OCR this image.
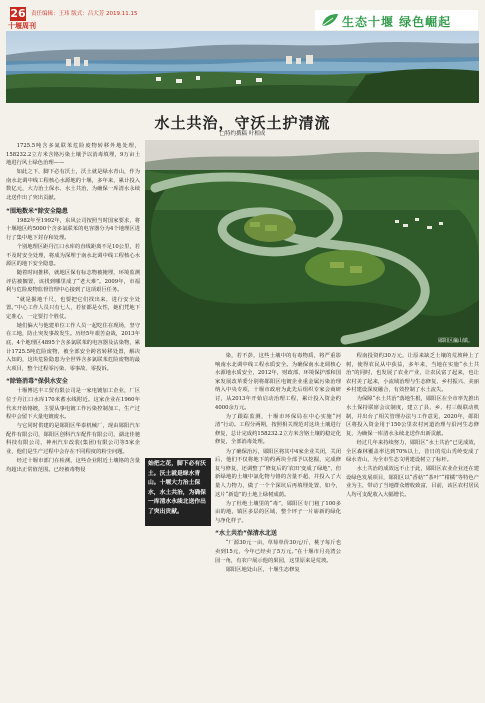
26
十堰周刊
责任编辑：王玮 版式：吕大芳 2019.11.15
生态十堰 绿色崛起
水土共治，守沃土护清流
□特约撰稿 叶相成

1725.5吨含多氮联苯危险废物转移外地处理，158232.2立方米含铬污染土壤予以消毒填埋，9万亩土地进行风土绿色治理——

如此之下，脚下必有沃土，沃土就是绿水青山，作为南水北调中线工程核心水源地的十堰，多年来，累计投入数亿元，大力治土保水、水土共治，为确保一库清水永续北送作出了突出贡献。

“围地数米”除安全隐患

1982年至1992年，东风公司按照当时国家要求，将十堰地区约5000个含多氯联苯的电容器分为4个地理区进行了集中地下封存和处理。

个别地理区距丹江口水库的直线距离不足10公里，若不及时安全处理，将成为深埋于南水北调中线工程核心水源区的地下安全隐患。

随着时间推移，就地区保有标志物被掩埋，环境监测评估被搁置，该找到哪里成了“老大难”。2009年，市福利与危险废物监督管理中心接到了这项艰巨任务。

“就是掘地千尺，也要把它们找出来，进行安全处置。”中心工作人员只有七人，若征都是女性，她们凭地下定准心，一定要打个胜仗。

她们偏大与他建单位工作人员一起吃住在现场，坚守在工地，防止突发事故发生。历经5年艰苦奋战，2013年底，4个地理区4895个含多氯联苯的电容器及沾染物，累计1725.5吨危险废物，被全部安全跨省转移处置，解决入知的，这块危险隐患为全世界含多氯联苯危险废物的最大项目，整个过程零污染、零事故、零投诉。

“除铬消毒”保供水安全

十堰博达丰工贸有限公司是一家电镀加工企业，厂区位于丹江口水库170米蓄水线附近。这家企业在1960年代末开始铬镀，主要从事电镀工作污染控制加工，生产过程中会留下大量电镀废水。

与它同时供建的是郧阳区华泰机械厂，现由郧阳汽车配件有限公司，郧阳区创科汽车配件有限公司，湖北佳驰科技有限公司，神州汽车改装(集团)有限公司等5家企业，他们是生产过程中会存在不同程度的粉尘问题。

经过十堰市部门在检测，这些企业附近土壤铬的含量均超出正常值范围。已经被毒物侵

郧阳区瀛山镇。

染，若不彭，这些土壤中的有毒物质，将严重影响南水北调中线工程水质安全。为确保南水北调核心水源地水质安全，2012年，财政部、环境保护部和国家发展改革委分别将郧阳区电镀企业重金属污染治理纳入中央专项，十堰市政府为此先后组织专家会商研讨，从2013年开始启动治理工程，累计投入资金约4000余万元。

为了跟踪监测，十堰市环保局在中心实施“河清”行动。工程分两期，按照相关规范对这块土壤进行修复，总计完成约158232.2立方米含铬土壤的稳定化修复，全部消毒处理。

为了确保治污，郧阳区将其中4家企业关闭，关闭后，他们不仅将地下的约两块全部予以挖掘，完成修复与修复，还调整了“修复后的‘农田’变成了绿地”，但新绿地的土壤中氯化物与铬的含量不超，并投入了大量人力物力，做了一个个深坑后再填埋处置，如今，这片“新造”的土地上绿树成荫。

为了杜绝土壤里的“毒”，郧阳区专门租了100多亩的地，镇区多层的区域，整个坪子一片崭新的绿化与净化样子。

“水土共治”保清水北送

“厂源30元一亩，草莓单价30元/斤，桃子每斤也卖到15元，今年已经卖了5万元。”在十堰市月亮湾公园一角，有农户展示他的果园，这里原来是荒坡。

郧阳区地处山区，十堰生态修复

始把之花，脚下必有沃土。沃土就是绿水青山。十堰大力治土保水，水土共治，为确保一库清水永续北送作出了突出贡献。

程南投资约30万元，让原来缺乏土壤的荒坡种上了树，使得农民从中获益，多年来，当地在实施“水土共治”的同时，也发展了农业产业，让农民富了起来，也让农村美了起来，小流域治理与生态修复、乡村振兴、美丽乡村建设深度融合，有效控制了水土流失。

为保障“水土共治”落地生根，郧阳区在全市率先推出水土保持联席会议制度，建立了县、乡、村三级联动机制，并出台了相关管理办法与工作意见，2020年，郧阳区将投入资金用于150公里农村河道治理与沿河生态修复，为确保一库清水永续北送作出新贡献。

经过几年来持续努力，郧阳区“水土共治”已见成效，全区森林覆盖率达到70%以上，昔日的荒山秃岭变成了绿水青山，为全市生态文明建设树立了标杆。

水土共治的成效远不止于此，郧阳区农业企业还在建设绿色发展项目，郧阳区以“香菇”“茶叶”“柑橘”等特色产业为主，带动了当地群众增收致富，目前，该区农村居民人均可支配收入大幅增长。
